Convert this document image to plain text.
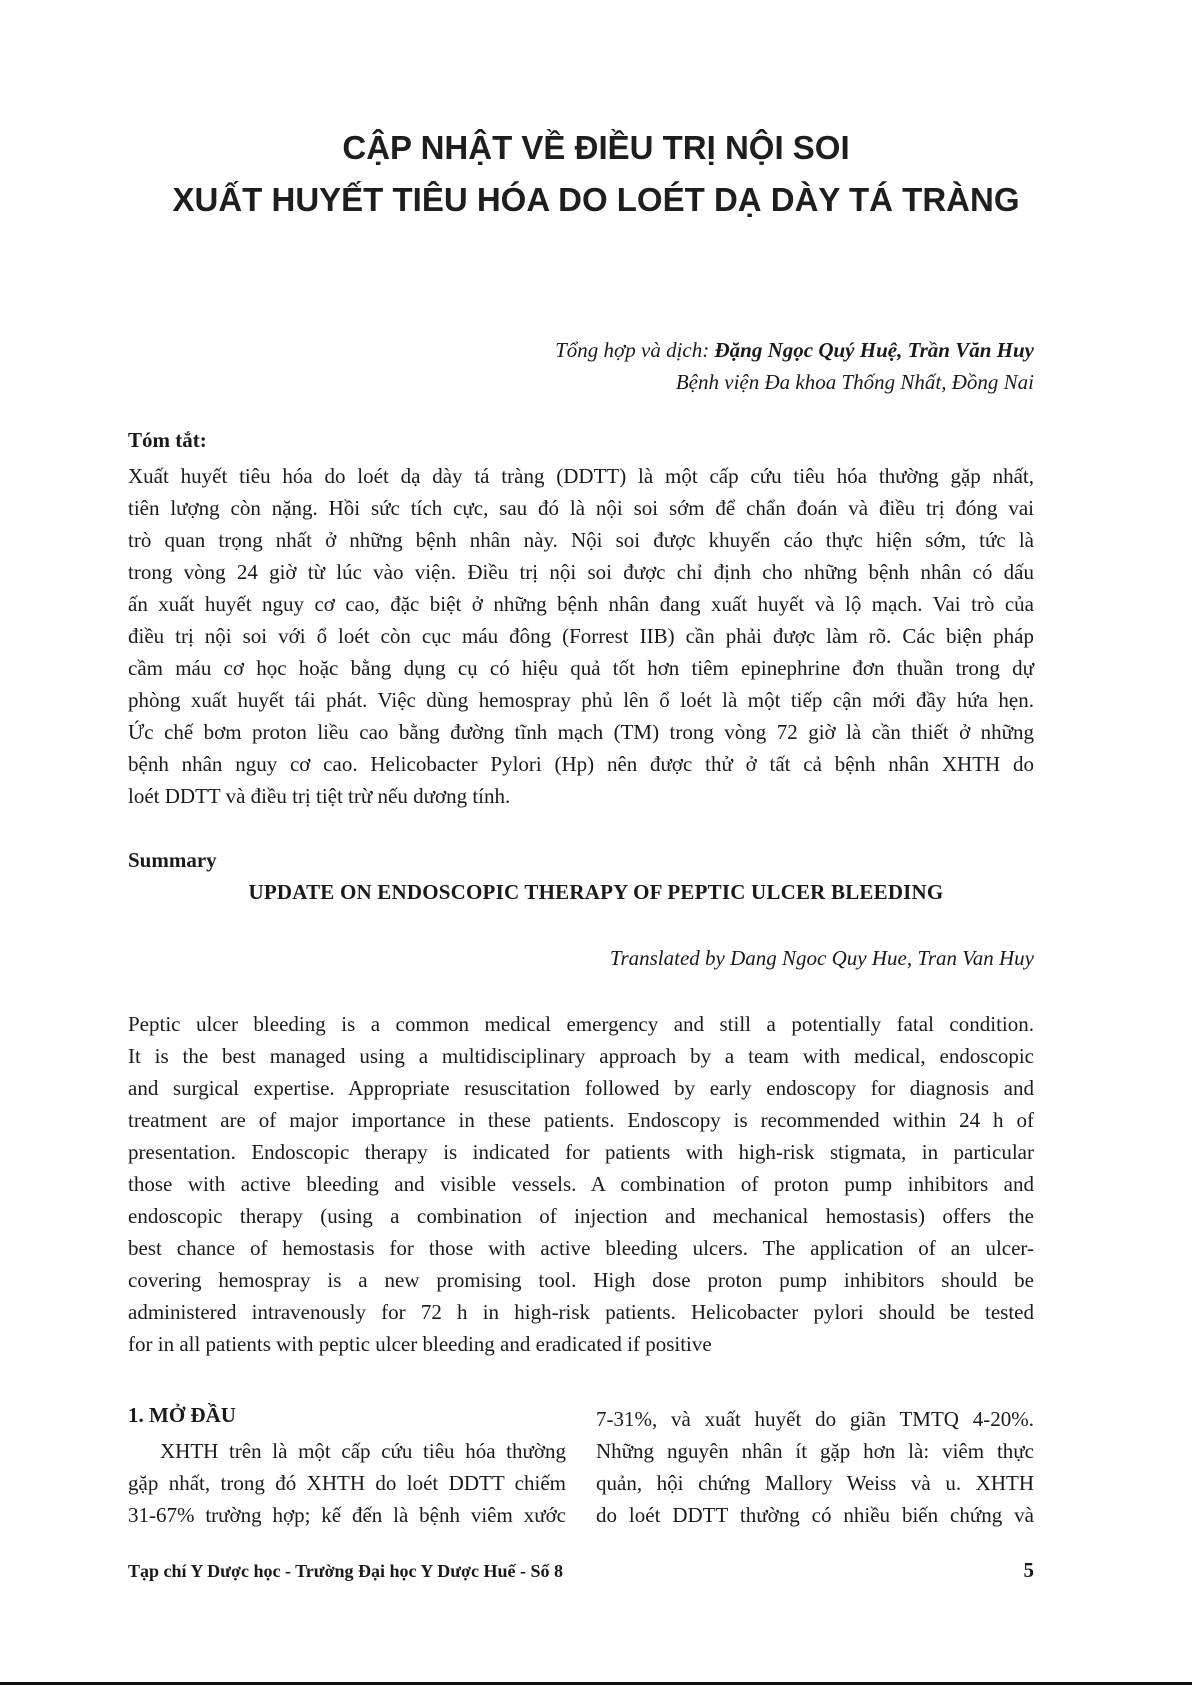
CẬP NHẬT VỀ ĐIỀU TRỊ NỘI SOI
XUẤT HUYẾT TIÊU HÓA DO LOÉT DẠ DÀY TÁ TRÀNG
Tổng hợp và dịch: Đặng Ngọc Quý Huệ, Trần Văn Huy
Bệnh viện Đa khoa Thống Nhất, Đồng Nai
Tóm tắt:
Xuất huyết tiêu hóa do loét dạ dày tá tràng (DDTT) là một cấp cứu tiêu hóa thường gặp nhất,
tiên lượng còn nặng. Hồi sức tích cực, sau đó là nội soi sớm để chẩn đoán và điều trị đóng vai
trò quan trọng nhất ở những bệnh nhân này. Nội soi được khuyến cáo thực hiện sớm, tức là
trong vòng 24 giờ từ lúc vào viện. Điều trị nội soi được chỉ định cho những bệnh nhân có dấu
ấn xuất huyết nguy cơ cao, đặc biệt ở những bệnh nhân đang xuất huyết và lộ mạch. Vai trò của
điều trị nội soi với ổ loét còn cục máu đông (Forrest IIB) cần phải được làm rõ. Các biện pháp
cầm máu cơ học hoặc bằng dụng cụ có hiệu quả tốt hơn tiêm epinephrine đơn thuần trong dự
phòng xuất huyết tái phát. Việc dùng hemospray phủ lên ổ loét là một tiếp cận mới đầy hứa hẹn.
Ức chế bơm proton liều cao bằng đường tĩnh mạch (TM) trong vòng 72 giờ là cần thiết ở những
bệnh nhân nguy cơ cao. Helicobacter Pylori (Hp) nên được thử ở tất cả bệnh nhân XHTH do
loét DDTT và điều trị tiệt trừ nếu dương tính.
Summary
UPDATE ON ENDOSCOPIC THERAPY OF PEPTIC ULCER BLEEDING
Translated by Dang Ngoc Quy Hue, Tran Van Huy
Peptic ulcer bleeding is a common medical emergency and still a potentially fatal condition.
It is the best managed using a multidisciplinary approach by a team with medical, endoscopic
and surgical expertise. Appropriate resuscitation followed by early endoscopy for diagnosis and
treatment are of major importance in these patients. Endoscopy is recommended within 24 h of
presentation. Endoscopic therapy is indicated for patients with high-risk stigmata, in particular
those with active bleeding and visible vessels. A combination of proton pump inhibitors and
endoscopic therapy (using a combination of injection and mechanical hemostasis) offers the
best chance of hemostasis for those with active bleeding ulcers. The application of an ulcer-
covering hemospray is a new promising tool. High dose proton pump inhibitors should be
administered intravenously for 72 h in high-risk patients. Helicobacter pylori should be tested
for in all patients with peptic ulcer bleeding and eradicated if positive
1. MỞ ĐẦU
XHTH trên là một cấp cứu tiêu hóa thường
gặp nhất, trong đó XHTH do loét DDTT chiếm
31-67% trường hợp; kế đến là bệnh viêm xước
7-31%, và xuất huyết do giãn TMTQ 4-20%.
Những nguyên nhân ít gặp hơn là: viêm thực
quản, hội chứng Mallory Weiss và u. XHTH
do loét DDTT thường có nhiều biến chứng và
Tạp chí Y Dược học - Trường Đại học Y Dược Huế - Số 8	5
